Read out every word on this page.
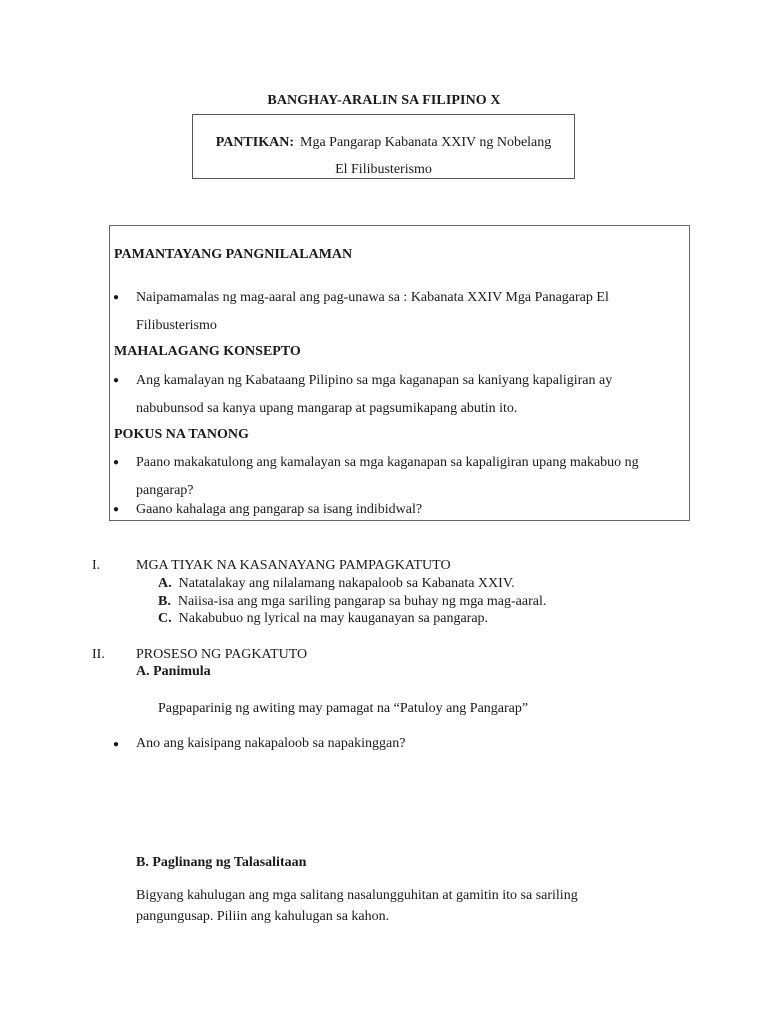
BANGHAY-ARALIN SA FILIPINO X
PANTIKAN: Mga Pangarap Kabanata XXIV ng Nobelang
El Filibusterismo
PAMANTAYANG PANGNILALAMAN
● Naipamamalas ng mag-aaral ang pag-unawa sa : Kabanata XXIV Mga Panagarap El
Filibusterismo
MAHALAGANG KONSEPTO
● Ang kamalayan ng Kabataang Pilipino sa mga kaganapan sa kaniyang kapaligiran ay
nabubunsod sa kanya upang mangarap at pagsumikapang abutin ito.
POKUS NA TANONG
● Paano makakatulong ang kamalayan sa mga kaganapan sa kapaligiran upang makabuo ng
pangarap?
● Gaano kahalaga ang pangarap sa isang indibidwal?
I.	MGA TIYAK NA KASANAYANG PAMPAGKATUTO
A. Natatalakay ang nilalamang nakapaloob sa Kabanata XXIV.
B. Naiisa-isa ang mga sariling pangarap sa buhay ng mga mag-aaral.
C. Nakabubuo ng lyrical na may kauganayan sa pangarap.
II. PROSESO NG PAGKATUTO
A. Panimula
Pagpaparinig ng awiting may pamagat na “Patuloy ang Pangarap”
● Ano ang kaisipang nakapaloob sa napakinggan?
B. Paglinang ng Talasalitaan
Bigyang kahulugan ang mga salitang nasalungguhitan at gamitin ito sa sariling
pangungusap. Piliin ang kahulugan sa kahon.
